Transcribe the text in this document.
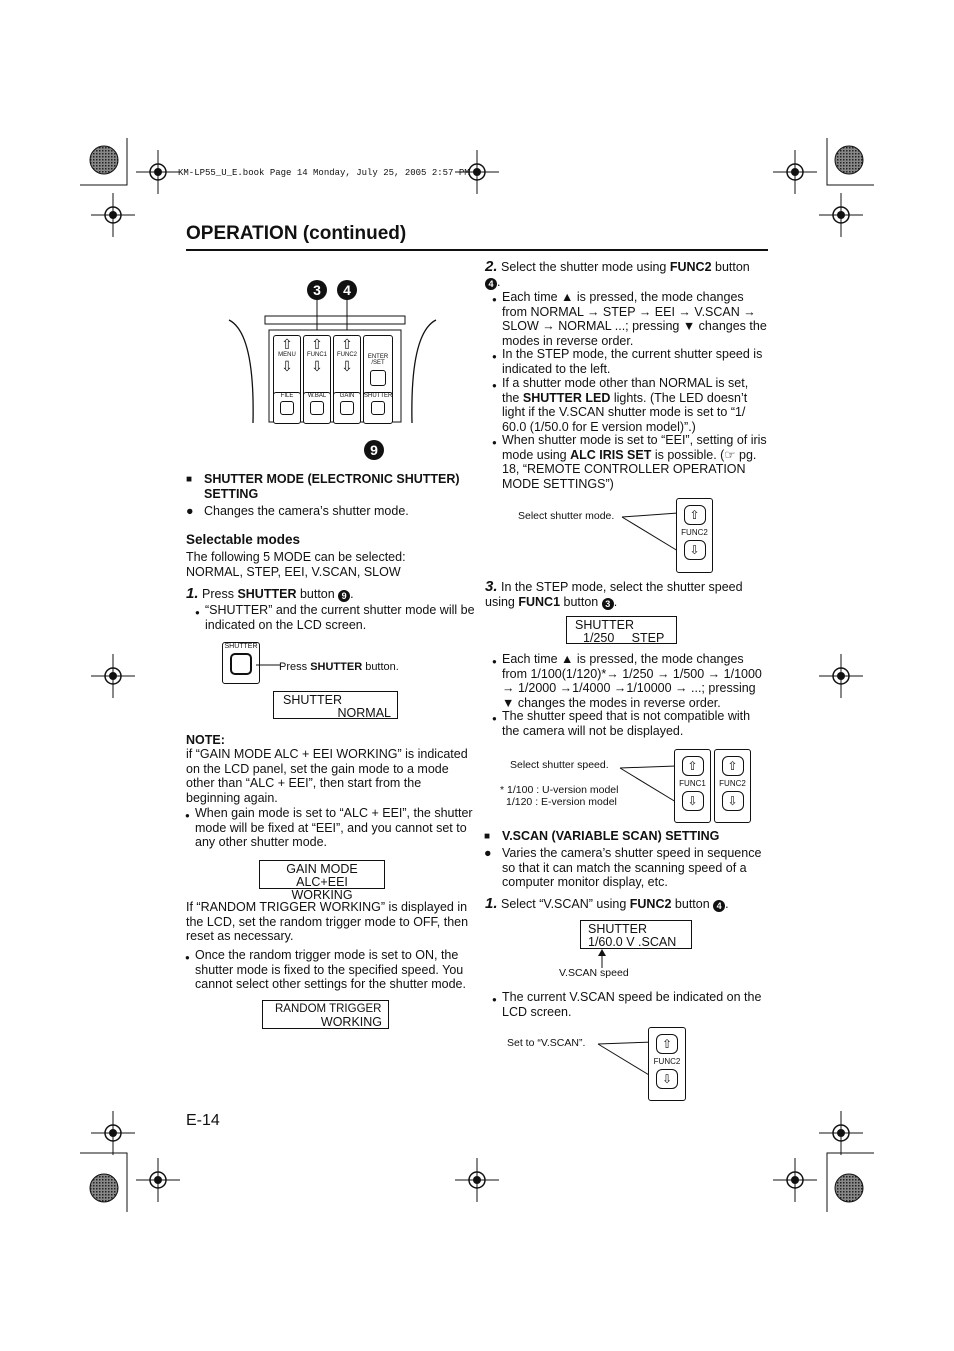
KM-LP55_U_E.book Page 14 Monday, July 25, 2005 2:57 PM
OPERATION (continued)
3	4
9
⇧
MENU
⇩
⇧
FUNC1
⇩
⇧
FUNC2
⇩
ENTER /SET
FILE	W.BAL	GAIN	SHUTTER
■ SHUTTER MODE (ELECTRONIC SHUTTER) SETTING
● Changes the camera’s shutter mode.
Selectable modes
The following 5 MODE can be selected:
NORMAL, STEP, EEI, V.SCAN, SLOW
1. Press SHUTTER button 9 .
● “SHUTTER” and the current shutter mode will be indicated on the LCD screen.
SHUTTER
Press SHUTTER button.
SHUTTER
NORMAL
NOTE:
if “GAIN MODE ALC + EEI WORKING” is indicated on the LCD panel, set the gain mode to a mode other than “ALC + EEI”, then start from the beginning again.
● When gain mode is set to “ALC + EEI”, the shutter mode will be fixed at “EEI”, and you cannot set to any other shutter mode.
GAIN MODE
ALC+EEI WORKING
If “RANDOM TRIGGER WORKING” is displayed in the LCD, set the random trigger mode to OFF, then reset as necessary.
● Once the random trigger mode is set to ON, the shutter mode is fixed to the specified speed. You cannot select other settings for the shutter mode.
RANDOM TRIGGER
WORKING
E-14
2. Select the shutter mode using FUNC2 button
4 .
● Each time ▲ is pressed, the mode changes from NORMAL → STEP → EEI → V.SCAN → SLOW → NORMAL ...; pressing ▼ changes the modes in reverse order.
● In the STEP mode, the current shutter speed is indicated to the left.
● If a shutter mode other than NORMAL is set, the SHUTTER LED lights. (The LED doesn’t light if the V.SCAN shutter mode is set to “1/ 60.0 (1/50.0 for E version model)”.)
● When shutter mode is set to “EEI”, setting of iris mode using ALC IRIS SET is possible. (☞ pg. 18, “REMOTE CONTROLLER OPERATION MODE SETTINGS”)
Select shutter mode.	⇧
FUNC2
⇩
3. In the STEP mode, select the shutter speed using FUNC1 button 3 .
SHUTTER
1/250     STEP
● Each time ▲ is pressed, the mode changes from 1/100(1/120)*→ 1/250 → 1/500 → 1/1000 → 1/2000 →1/4000 →1/10000 → ...; pressing ▼ changes the modes in reverse order.
● The shutter speed that is not compatible with the camera will not be displayed.
Select shutter speed.
* 1/100 : U-version model
1/120 : E-version model
⇧
FUNC1
⇩
⇧
FUNC2
⇩
■ V.SCAN (VARIABLE SCAN) SETTING
● Varies the camera’s shutter speed in sequence so that it can match the scanning speed of a computer monitor display, etc.
1. Select “V.SCAN” using FUNC2 button 4 .
SHUTTER
1/60.0 V .SCAN
V.SCAN speed
● The current V.SCAN speed be indicated on the LCD screen.
Set to “V.SCAN”.	⇧
FUNC2
⇩
